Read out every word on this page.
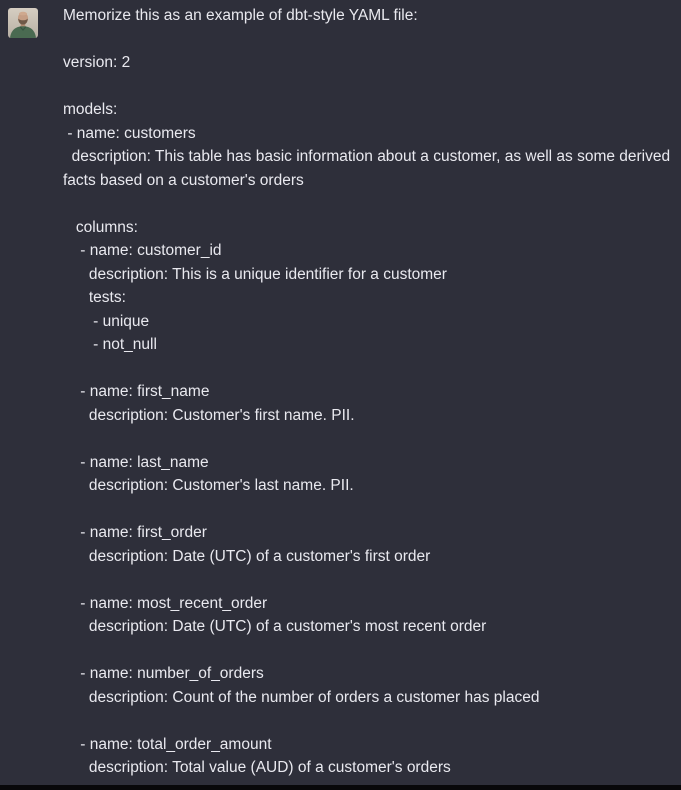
Memorize this as an example of dbt-style YAML file:
version: 2
models:
- name: customers
description: This table has basic information about a customer, as well as some derived facts based on a customer's orders
columns:
- name: customer_id
description: This is a unique identifier for a customer
tests:
- unique
- not_null
- name: first_name
description: Customer's first name. PII.
- name: last_name
description: Customer's last name. PII.
- name: first_order
description: Date (UTC) of a customer's first order
- name: most_recent_order
description: Date (UTC) of a customer's most recent order
- name: number_of_orders
description: Count of the number of orders a customer has placed
- name: total_order_amount
description: Total value (AUD) of a customer's orders
